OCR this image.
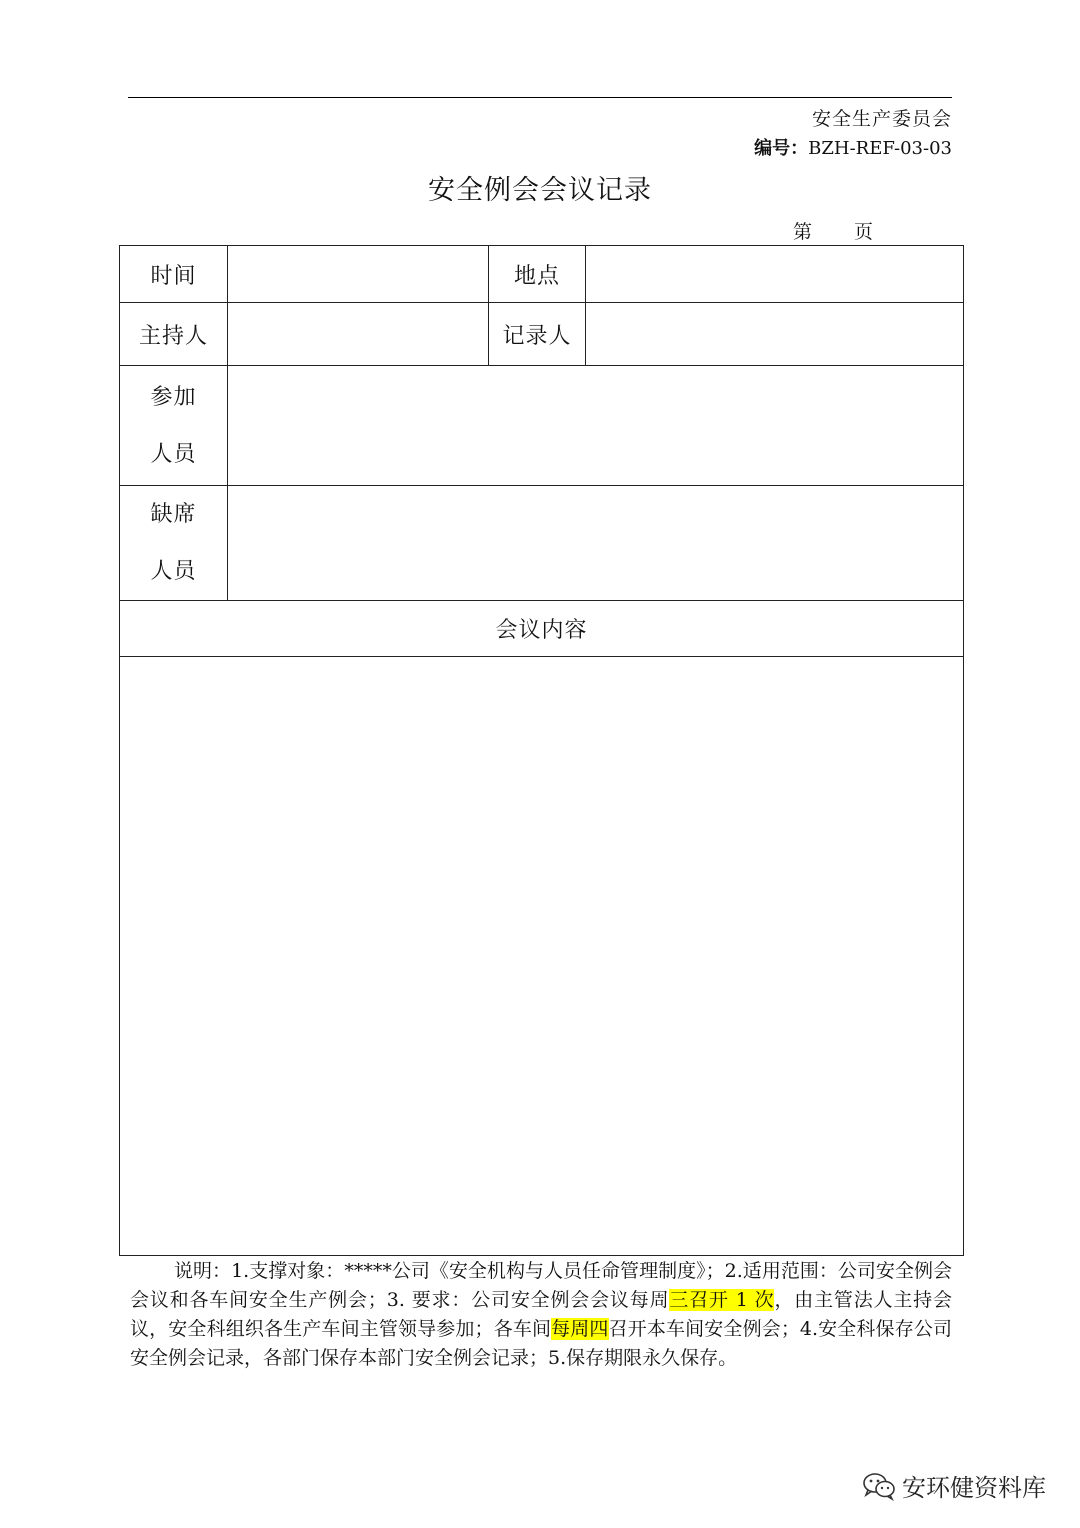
安全生产委员会
编号：BZH-REF-03-03
安全例会会议记录
第 页
时间		地点	
主持人		记录人	

参加
人员			

缺席
人员			

会议内容			

说明：1.支撑对象：*****公司《安全机构与人员任命管理制度》；2.适用范围：公司安全例会会议和各车间安全生产例会；3. 要求：公司安全例会会议每周三召开 1 次，由主管法人主持会议，安全科组织各生产车间主管领导参加；各车间每周四召开本车间安全例会；4.安全科保存公司安全例会记录，各部门保存本部门安全例会记录；5.保存期限永久保存。
安环健资料库
